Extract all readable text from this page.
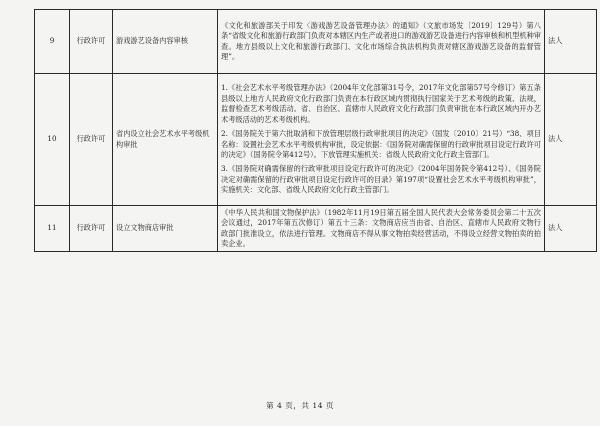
9	行政许可	游戏游艺设备内容审核	《文化和旅游部关于印发〈游戏游艺设备管理办法〉的通知》（文旅市场发〔2019〕129号）第八条“省级文化和旅游行政部门负责对本辖区内生产或者进口的游戏游艺设备进行内容审核和机型机种审查。地方县级以上文化和旅游行政部门、文化市场综合执法机构负责对辖区游戏游艺设备的监督管理”。	法人
10	行政许可	省内设立社会艺术水平考级机构审批	1.《社会艺术水平考级管理办法》（2004年文化部第31号令，2017年文化部第57号令修订）第五条 县级以上地方人民政府文化行政部门负责在本行政区域内贯彻执行国家关于艺术考级的政策、法规，监督检查艺术考级活动。省、自治区、直辖市人民政府文化行政部门负责审批在本行政区域内开办艺术考级活动的艺术考级机构。

2.《国务院关于第六批取消和下放管理层级行政审批项目的决定》（国发〔2010〕21号）“38、项目名称：设置社会艺术水平考级机构审批，设定依据：《国务院对确需保留的行政审批项目设定行政许可的决定》（国务院令第412号）。下放管理实施机关：省级人民政府文化行政主管部门。

3.《国务院对确需保留的行政审批项目设定行政许可的决定》（2004年国务院令第412号）、《国务院决定对确需保留的行政审批项目设定行政许可的目录》第197项“设置社会艺术水平考级机构审批”，实施机关：文化部、省级人民政府文化行政主管部门。	法人
11	行政许可	设立文物商店审批	《中华人民共和国文物保护法》（1982年11月19日第五届全国人民代表大会常务委员会第二十五次会议通过，2017年第五次修订）第五十三条：文物商店应当由省、自治区、直辖市人民政府文物行政部门批准设立，依法进行管理。文物商店不得从事文物拍卖经营活动，不得设立经营文物拍卖的拍卖企业。	法人
第 4 页，共 14 页
